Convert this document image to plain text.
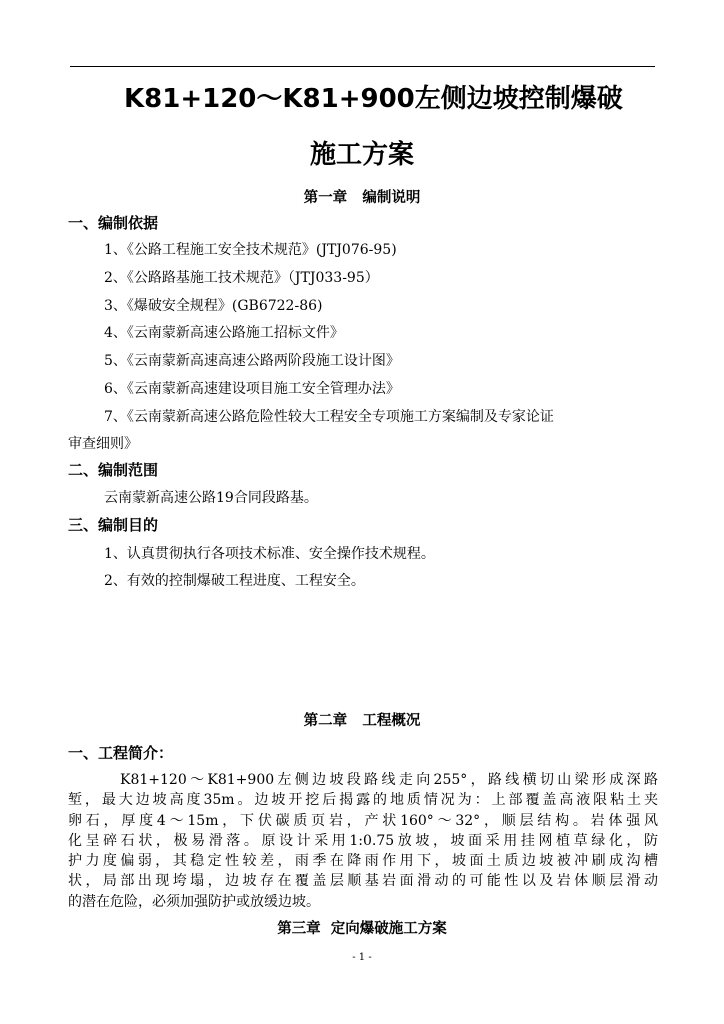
K81+120～K81+900左侧边坡控制爆破
施工方案
第一章   编制说明
一、编制依据
1、《公路工程施工安全技术规范》(JTJ076-95)
2、《公路路基施工技术规范》（JTJ033-95）
3、《爆破安全规程》(GB6722-86)
4、《云南蒙新高速公路施工招标文件》
5、《云南蒙新高速高速公路两阶段施工设计图》
6、《云南蒙新高速建设项目施工安全管理办法》
7、《云南蒙新高速公路危险性较大工程安全专项施工方案编制及专家论证
审查细则》
二、编制范围
云南蒙新高速公路19合同段路基。
三、编制目的
1、认真贯彻执行各项技术标准、安全操作技术规程。
2、有效的控制爆破工程进度、工程安全。
第二章   工程概况
一、工程简介：

K81+120～K81+900左侧边坡段路线走向255°，路线横切山梁形成深路

堑，最大边坡高度35m。边坡开挖后揭露的地质情况为：上部覆盖高液限粘土夹

卵石，厚度4～15m，下伏碳质页岩，产状160°～32°，顺层结构。岩体强风

化呈碎石状，极易滑落。原设计采用1:0.75放坡，坡面采用挂网植草绿化，防

护力度偏弱，其稳定性较差，雨季在降雨作用下，坡面土质边坡被冲刷成沟槽

状，局部出现垮塌，边坡存在覆盖层顺基岩面滑动的可能性以及岩体顺层滑动

的潜在危险，必须加强防护或放缓边坡。

第三章  定向爆破施工方案
- 1 -
